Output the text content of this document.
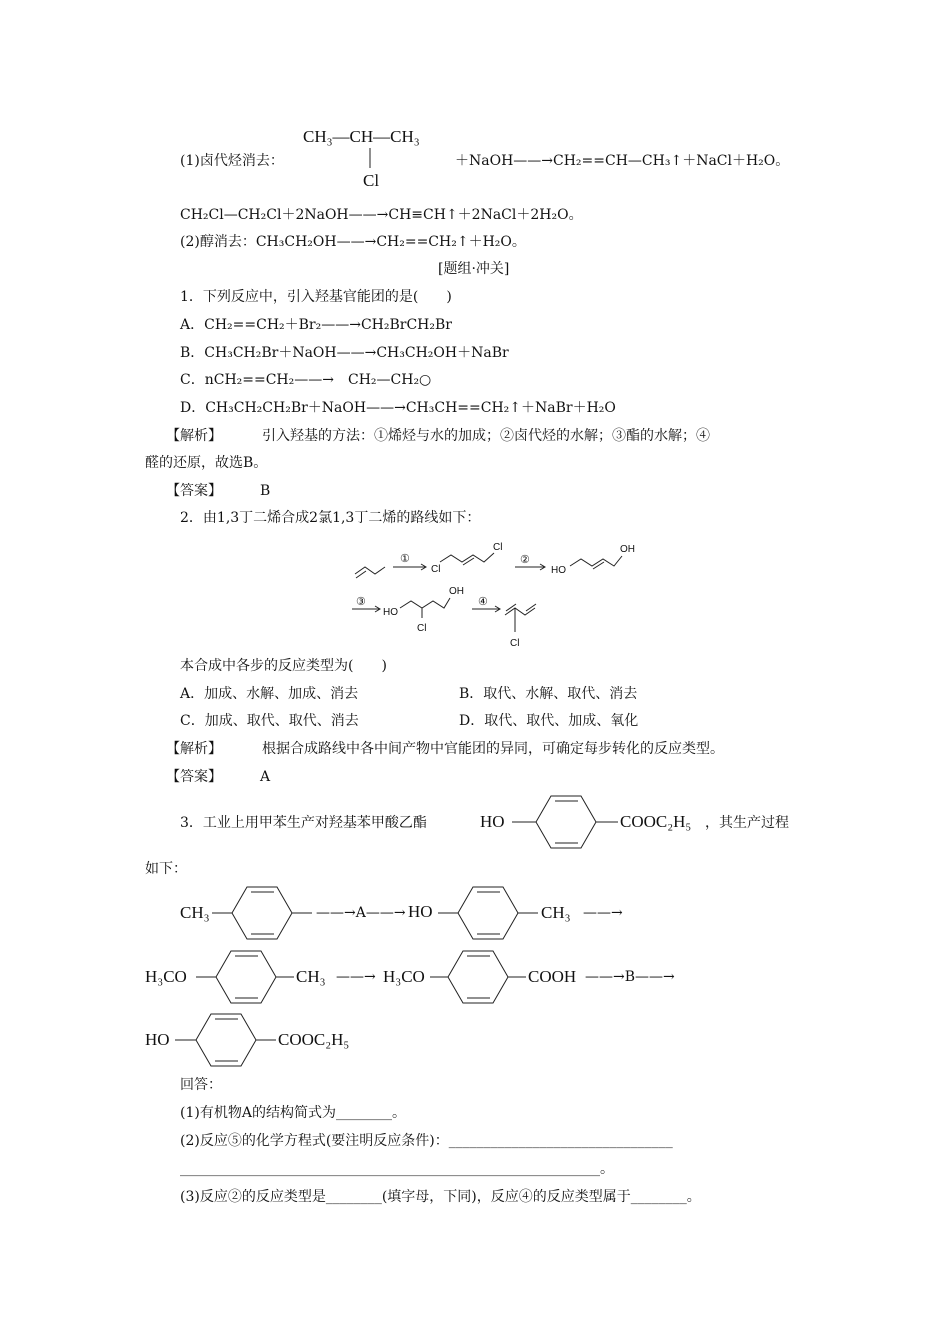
CH₃—CH—CH₃
(1)卤代烃消去：
Cl
＋NaOH——→CH₂==CH—CH₃↑＋NaCl＋H₂O。
CH₂Cl—CH₂Cl＋2NaOH——→CH≡CH↑＋2NaCl＋2H₂O。
(2)醇消去：CH₃CH₂OH——→CH₂==CH₂↑＋H₂O。
[题组·冲关]
1．下列反应中，引入羟基官能团的是(　　)
A．CH₂==CH₂＋Br₂——→CH₂BrCH₂Br
B．CH₃CH₂Br＋NaOH——→CH₃CH₂OH＋NaBr
C．nCH₂==CH₂——→　CH₂—CH₂○
D．CH₃CH₂CH₂Br＋NaOH——→CH₃CH==CH₂↑＋NaBr＋H₂O
【解析】	引入羟基的方法：①烯烃与水的加成；②卤代烃的水解；③酯的水解；④
醛的还原，故选B。
【答案】	B
2．由1,3丁二烯合成2氯1,3丁二烯的路线如下：
①	②
③	④
Cl
Cl
HO
OH
HO
OH
Cl
Cl
本合成中各步的反应类型为(　　)
A．加成、水解、加成、消去	B．取代、水解、取代、消去
C．加成、取代、取代、消去	D．取代、取代、加成、氧化
【解析】	根据合成路线中各中间产物中官能团的异同，可确定每步转化的反应类型。
【答案】	A
3．工业上用甲苯生产对羟基苯甲酸乙酯	HO	COOC₂H₅ ，其生产过程
如下：
CH₃	——→A——→ HO	CH₃ ——→
H₃CO	CH₃ ——→ H₃CO	COOH ——→B——→
HO	COOC₂H₅
回答：
(1)有机物A的结构简式为________。
(2)反应⑤的化学方程式(要注明反应条件)：________________________________
____________________________________________________________。
(3)反应②的反应类型是________(填字母，下同)，反应④的反应类型属于________。
